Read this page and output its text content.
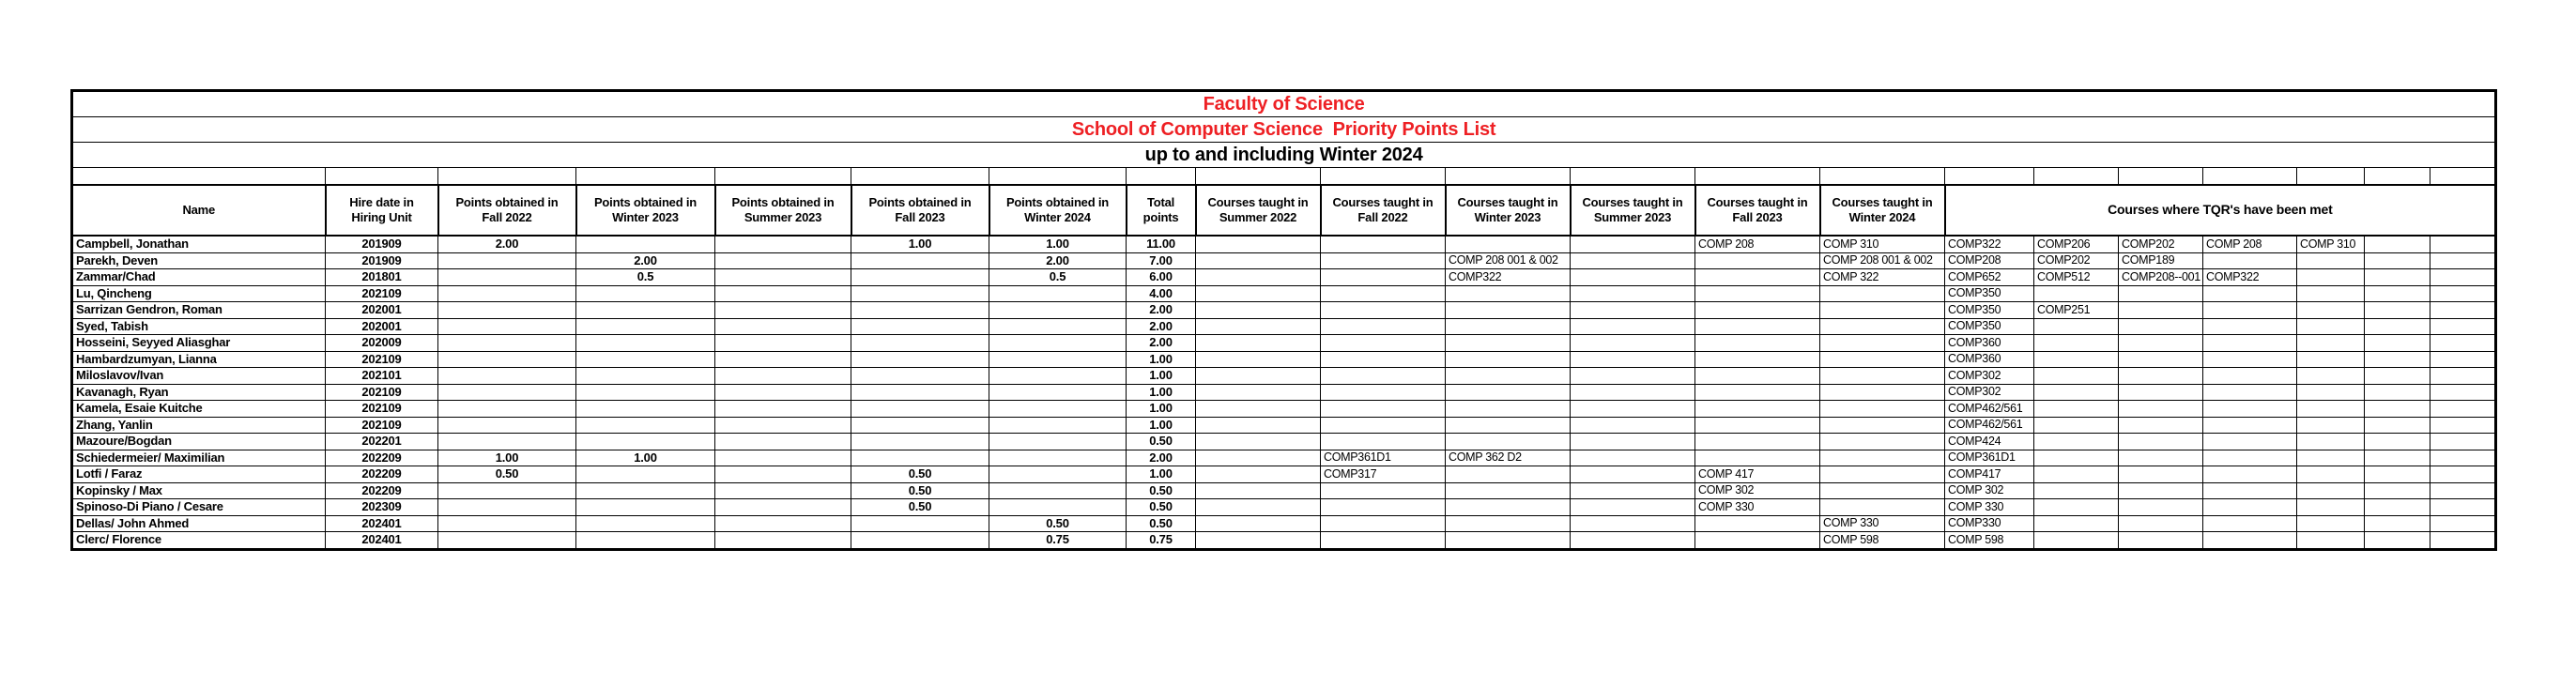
Faculty of Science																				
School of Computer Science  Priority Points List																				
up to and including Winter 2024																				

Name	Hire date in Hiring Unit	Points obtained in Fall 2022	Points obtained in Winter 2023	Points obtained in Summer 2023	Points obtained in Fall 2023	Points obtained in Winter 2024	Total points	Courses taught in Summer 2022	Courses taught in Fall 2022	Courses taught in Winter 2023	Courses taught in Summer 2023	Courses taught in Fall 2023	Courses taught in Winter 2024	Courses where TQR's have been met						
Campbell, Jonathan	201909	2.00			1.00	1.00	11.00					COMP 208	COMP 310	COMP322	COMP206	COMP202	COMP 208	COMP 310		
Parekh, Deven	201909		2.00			2.00	7.00			COMP 208 001 & 002			COMP 208 001 & 002	COMP208	COMP202	COMP189				
Zammar/Chad	201801		0.5			0.5	6.00			COMP322			COMP 322	COMP652	COMP512	COMP208--001	COMP322			
Lu, Qincheng	202109						4.00							COMP350						
Sarrizan Gendron, Roman	202001						2.00							COMP350	COMP251					
Syed, Tabish	202001						2.00							COMP350						
Hosseini, Seyyed Aliasghar	202009						2.00							COMP360						
Hambardzumyan, Lianna	202109						1.00							COMP360						
Miloslavov/Ivan	202101						1.00							COMP302						
Kavanagh, Ryan	202109						1.00							COMP302						
Kamela, Esaie Kuitche	202109						1.00							COMP462/561						
Zhang, Yanlin	202109						1.00							COMP462/561						
Mazoure/Bogdan	202201						0.50							COMP424						
Schiedermeier/ Maximilian	202209	1.00	1.00				2.00		COMP361D1	COMP 362 D2				COMP361D1						
Lotfi / Faraz	202209	0.50			0.50		1.00		COMP317			COMP 417		COMP417						
Kopinsky / Max	202209				0.50		0.50					COMP 302		COMP 302						
Spinoso-Di Piano / Cesare	202309				0.50		0.50					COMP 330		COMP 330						
Dellas/ John Ahmed	202401					0.50	0.50						COMP 330	COMP330						
Clerc/ Florence	202401					0.75	0.75						COMP 598	COMP 598						
